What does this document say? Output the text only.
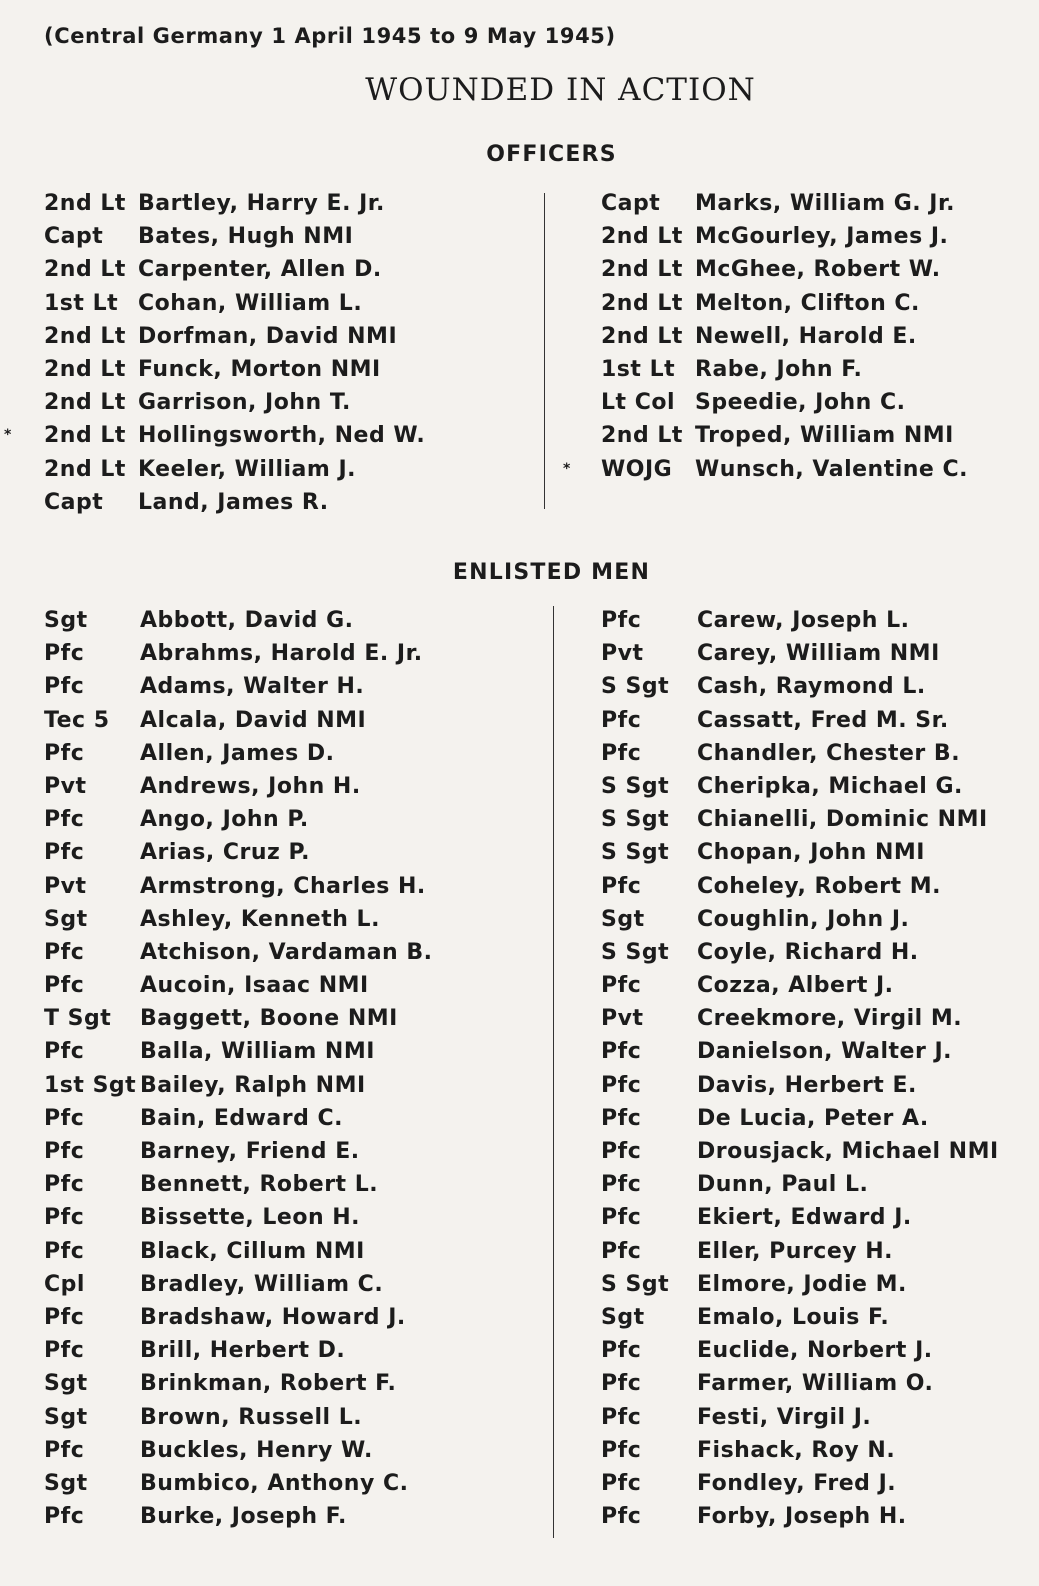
(Central Germany 1 April 1945 to 9 May 1945)
WOUNDED IN ACTION
OFFICERS
2nd Lt Bartley, Harry E. Jr.
Capt Bates, Hugh NMI
2nd Lt Carpenter, Allen D.
1st Lt Cohan, William L.
2nd Lt Dorfman, David NMI
2nd Lt Funck, Morton NMI
2nd Lt Garrison, John T.
* 2nd Lt Hollingsworth, Ned W.
2nd Lt Keeler, William J.
Capt Land, James R.
Capt Marks, William G. Jr.
2nd Lt McGourley, James J.
2nd Lt McGhee, Robert W.
2nd Lt Melton, Clifton C.
2nd Lt Newell, Harold E.
1st Lt Rabe, John F.
Lt Col Speedie, John C.
2nd Lt Troped, William NMI
* WOJG Wunsch, Valentine C.
ENLISTED MEN
Sgt Abbott, David G.
Pfc	Abrahms, Harold E. Jr.
Pfc	Adams, Walter H.
Tec 5 Alcala, David NMI
Pfc	Allen, James D.
Pvt Andrews, John H.
Pfc	Ango, John P.
Pfc	Arias, Cruz P.
Pvt Armstrong, Charles H.
Sgt Ashley, Kenneth L.
Pfc	Atchison, Vardaman B.
Pfc	Aucoin, Isaac NMI
T Sgt Baggett, Boone NMI
Pfc	Balla, William NMI
1st Sgt Bailey, Ralph NMI
Pfc	Bain, Edward C.
Pfc	Barney, Friend E.
Pfc	Bennett, Robert L.
Pfc	Bissette, Leon H.
Pfc	Black, Cillum NMI
Cpl	Bradley, William C.
Pfc	Bradshaw, Howard J.
Pfc	Brill, Herbert D.
Sgt Brinkman, Robert F.
Sgt Brown, Russell L.
Pfc	Buckles, Henry W.
Sgt Bumbico, Anthony C.
Pfc	Burke, Joseph F.
Pfc	Carew, Joseph L.
Pvt Carey, William NMI
S Sgt Cash, Raymond L.
Pfc	Cassatt, Fred M. Sr.
Pfc	Chandler, Chester B.
S Sgt Cheripka, Michael G.
S Sgt Chianelli, Dominic NMI
S Sgt Chopan, John NMI
Pfc	Coheley, Robert M.
Sgt Coughlin, John J.
S Sgt Coyle, Richard H.
Pfc	Cozza, Albert J.
Pvt Creekmore, Virgil M.
Pfc	Danielson, Walter J.
Pfc	Davis, Herbert E.
Pfc	De Lucia, Peter A.
Pfc	Drousjack, Michael NMI
Pfc	Dunn, Paul L.
Pfc	Ekiert, Edward J.
Pfc	Eller, Purcey H.
S Sgt Elmore, Jodie M.
Sgt Emalo, Louis F.
Pfc	Euclide, Norbert J.
Pfc	Farmer, William O.
Pfc	Festi, Virgil J.
Pfc	Fishack, Roy N.
Pfc	Fondley, Fred J.
Pfc	Forby, Joseph H.
